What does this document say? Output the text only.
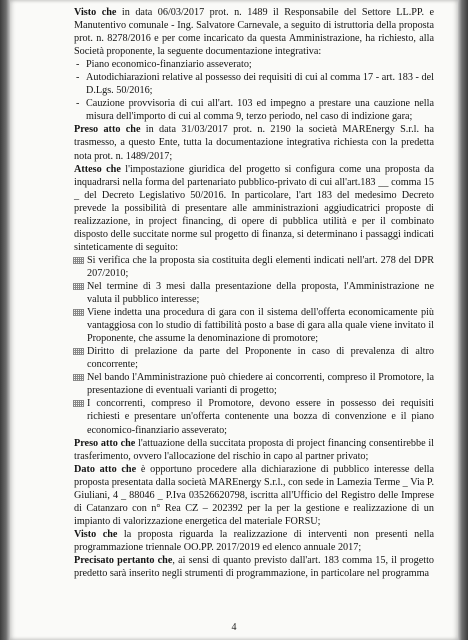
Visto che in data 06/03/2017 prot. n. 1489 il Responsabile del Settore LL.PP. e Manutentivo comunale - Ing. Salvatore Carnevale, a seguito di istruttoria della proposta prot. n. 8278/2016 e per come incaricato da questa Amministrazione, ha richiesto, alla Società proponente, la seguente documentazione integrativa:

- Piano economico-finanziario asseverato;
- Autodichiarazioni relative al possesso dei requisiti di cui al comma 17 - art. 183 - del D.Lgs. 50/2016;
- Cauzione provvisoria di cui all'art. 103 ed impegno a prestare una cauzione nella misura dell'importo di cui al comma 9, terzo periodo, nel caso di indizione gara;

Preso atto che in data 31/03/2017 prot. n. 2190 la società MAREnergy S.r.l. ha trasmesso, a questo Ente, tutta la documentazione integrativa richiesta con la predetta nota prot. n. 1489/2017;

Atteso che l'impostazione giuridica del progetto si configura come una proposta da inquadrarsi nella forma del partenariato pubblico-privato di cui all'art.183 __ comma 15 _ del Decreto Legislativo 50/2016. In particolare, l'art 183 del medesimo Decreto prevede la possibilità di presentare alle amministrazioni aggiudicatrici proposte di realizzazione, in project financing, di opere di pubblica utilità e per il combinato disposto delle succitate norme sul progetto di finanza, si determinano i passaggi indicati sinteticamente di seguito:

Si verifica che la proposta sia costituita degli elementi indicati nell'art. 278 del DPR 207/2010;
Nel termine di 3 mesi dalla presentazione della proposta, l'Amministrazione ne valuta il pubblico interesse;
Viene indetta una procedura di gara con il sistema dell'offerta economicamente più vantaggiosa con lo studio di fattibilità posto a base di gara alla quale viene invitato il Proponente, che assume la denominazione di promotore;
Diritto di prelazione da parte del Proponente in caso di prevalenza di altro concorrente;
Nel bando l'Amministrazione può chiedere ai concorrenti, compreso il Promotore, la presentazione di eventuali varianti di progetto;
I concorrenti, compreso il Promotore, devono essere in possesso dei requisiti richiesti e presentare un'offerta contenente una bozza di convenzione e il piano economico-finanziario asseverato;

Preso atto che l'attuazione della succitata proposta di project financing consentirebbe il trasferimento, ovvero l'allocazione del rischio in capo al partner privato;

Dato atto che è opportuno procedere alla dichiarazione di pubblico interesse della proposta presentata dalla società MAREnergy S.r.l., con sede in Lamezia Terme _ Via P. Giuliani, 4 _ 88046 _ P.Iva 03526620798, iscritta all'Ufficio del Registro delle Imprese di Catanzaro con n° Rea CZ – 202392 per la per la gestione e realizzazione di un impianto di valorizzazione energetica del materiale FORSU;

Visto che la proposta riguarda la realizzazione di interventi non presenti nella programmazione triennale OO.PP. 2017/2019 ed elenco annuale 2017;

Precisato pertanto che, ai sensi di quanto previsto dall'art. 183 comma 15, il progetto predetto sarà inserito negli strumenti di programmazione, in particolare nel programma

4
